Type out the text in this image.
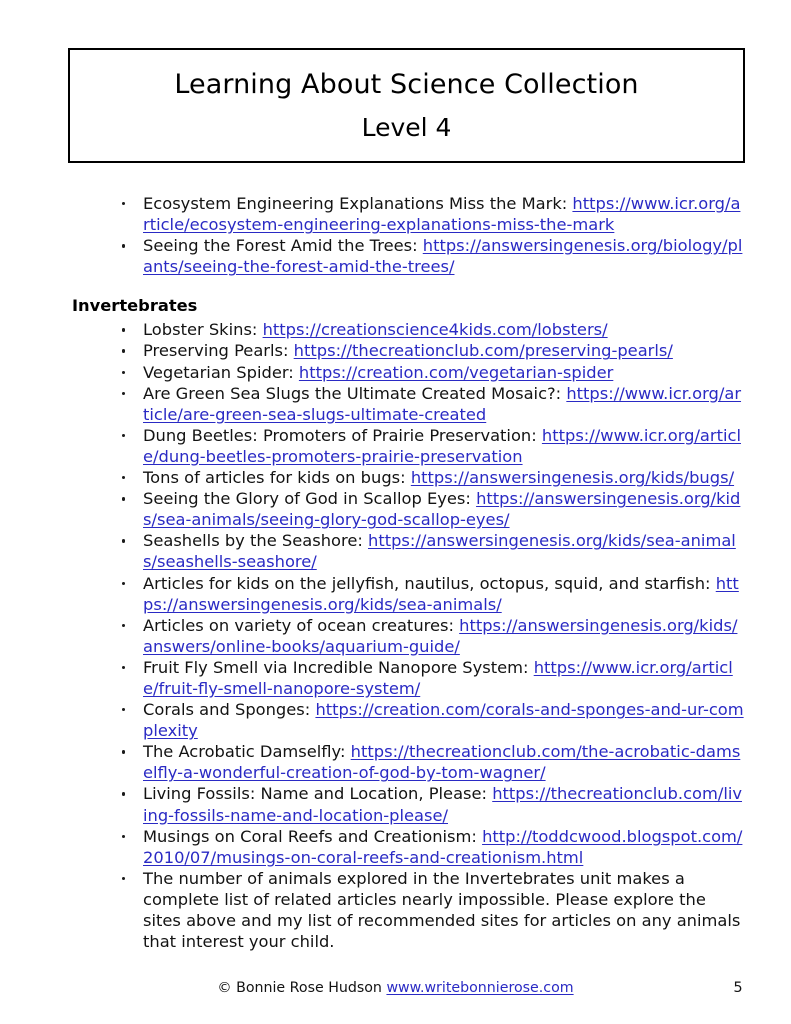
Learning About Science Collection
Level 4
Ecosystem Engineering Explanations Miss the Mark: https://www.icr.org/article/ecosystem-engineering-explanations-miss-the-mark
Seeing the Forest Amid the Trees: https://answersingenesis.org/biology/plants/seeing-the-forest-amid-the-trees/
Invertebrates
Lobster Skins: https://creationscience4kids.com/lobsters/
Preserving Pearls: https://thecreationclub.com/preserving-pearls/
Vegetarian Spider: https://creation.com/vegetarian-spider
Are Green Sea Slugs the Ultimate Created Mosaic?: https://www.icr.org/article/are-green-sea-slugs-ultimate-created
Dung Beetles: Promoters of Prairie Preservation: https://www.icr.org/article/dung-beetles-promoters-prairie-preservation
Tons of articles for kids on bugs: https://answersingenesis.org/kids/bugs/
Seeing the Glory of God in Scallop Eyes: https://answersingenesis.org/kids/sea-animals/seeing-glory-god-scallop-eyes/
Seashells by the Seashore: https://answersingenesis.org/kids/sea-animals/seashells-seashore/
Articles for kids on the jellyfish, nautilus, octopus, squid, and starfish: https://answersingenesis.org/kids/sea-animals/
Articles on variety of ocean creatures: https://answersingenesis.org/kids/answers/online-books/aquarium-guide/
Fruit Fly Smell via Incredible Nanopore System: https://www.icr.org/article/fruit-fly-smell-nanopore-system/
Corals and Sponges: https://creation.com/corals-and-sponges-and-ur-complexity
The Acrobatic Damselfly: https://thecreationclub.com/the-acrobatic-damselfly-a-wonderful-creation-of-god-by-tom-wagner/
Living Fossils: Name and Location, Please: https://thecreationclub.com/living-fossils-name-and-location-please/
Musings on Coral Reefs and Creationism: http://toddcwood.blogspot.com/2010/07/musings-on-coral-reefs-and-creationism.html
The number of animals explored in the Invertebrates unit makes a complete list of related articles nearly impossible. Please explore the sites above and my list of recommended sites for articles on any animals that interest your child.
© Bonnie Rose Hudson www.writebonnierose.com	5
